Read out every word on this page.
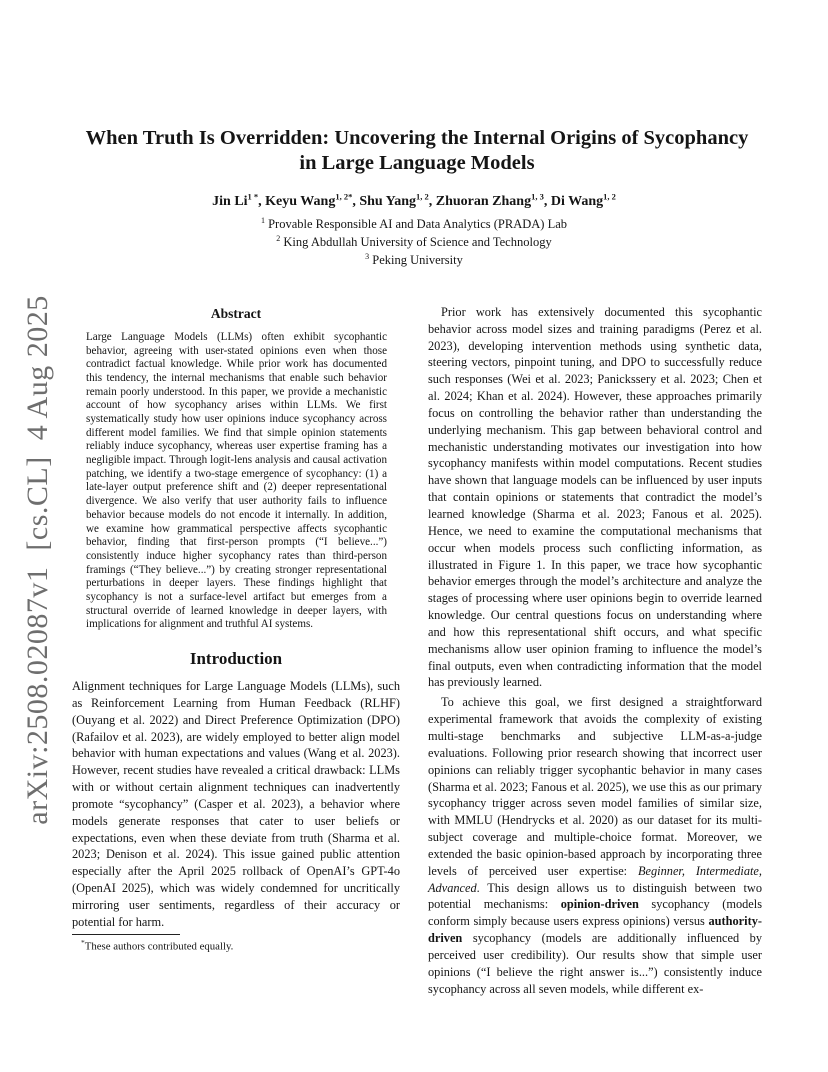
arXiv:2508.02087v1  [cs.CL]  4 Aug 2025
When Truth Is Overridden: Uncovering the Internal Origins of Sycophancy in Large Language Models
Jin $Li^{1 *}$ , Keyu Wang$^{1, 2*}$ , Shu Yang$^{1, 2}$ , Zhuoran Zhang$^{1, 3}$ , Di Wang$^{1, 2}$
$^1$ Provable Responsible AI and Data Analytics (PRADA) Lab
$^2$ King Abdullah University of Science and Technology
$^3$ Peking University
Abstract
Large Language Models (LLMs) often exhibit sycophantic behavior, agreeing with user-stated opinions even when those contradict factual knowledge. While prior work has documented this tendency, the internal mechanisms that enable such behavior remain poorly understood. In this paper, we provide a mechanistic account of how sycophancy arises within LLMs. We first systematically study how user opinions induce sycophancy across different model families. We find that simple opinion statements reliably induce sycophancy, whereas user expertise framing has a negligible impact. Through logit-lens analysis and causal activation patching, we identify a two-stage emergence of sycophancy: (1) a late-layer output preference shift and (2) deeper representational divergence. We also verify that user authority fails to influence behavior because models do not encode it internally. In addition, we examine how grammatical perspective affects sycophantic behavior, finding that first-person prompts (“I believe...”) consistently induce higher sycophancy rates than third-person framings (“They believe...”) by creating stronger representational perturbations in deeper layers. These findings highlight that sycophancy is not a surface-level artifact but emerges from a structural override of learned knowledge in deeper layers, with implications for alignment and truthful AI systems.
Introduction

Alignment techniques for Large Language Models (LLMs), such as Reinforcement Learning from Human Feedback (RLHF) (Ouyang et al. 2022) and Direct Preference Optimization (DPO) (Rafailov et al. 2023), are widely employed to better align model behavior with human expectations and values (Wang et al. 2023). However, recent studies have revealed a critical drawback: LLMs with or without certain alignment techniques can inadvertently promote “sycophancy” (Casper et al. 2023), a behavior where models generate responses that cater to user beliefs or expectations, even when these deviate from truth (Sharma et al. 2023; Denison et al. 2024). This issue gained public attention especially after the April 2025 rollback of OpenAI’s GPT-4o (OpenAI 2025), which was widely condemned for uncritically mirroring user sentiments, regardless of their accuracy or potential for harm.

Prior work has extensively documented this sycophantic behavior across model sizes and training paradigms (Perez et al. 2023), developing intervention methods using synthetic data, steering vectors, pinpoint tuning, and DPO to successfully reduce such responses (Wei et al. 2023; Panickssery et al. 2023; Chen et al. 2024; Khan et al. 2024). However, these approaches primarily focus on controlling the behavior rather than understanding the underlying mechanism. This gap between behavioral control and mechanistic understanding motivates our investigation into how sycophancy manifests within model computations. Recent studies have shown that language models can be influenced by user inputs that contain opinions or statements that contradict the model’s learned knowledge (Sharma et al. 2023; Fanous et al. 2025). Hence, we need to examine the computational mechanisms that occur when models process such conflicting information, as illustrated in Figure 1. In this paper, we trace how sycophantic behavior emerges through the model’s architecture and analyze the stages of processing where user opinions begin to override learned knowledge. Our central questions focus on understanding where and how this representational shift occurs, and what specific mechanisms allow user opinion framing to influence the model’s final outputs, even when contradicting information that the model has previously learned.

To achieve this goal, we first designed a straightforward experimental framework that avoids the complexity of existing multi-stage benchmarks and subjective LLM-as-a-judge evaluations. Following prior research showing that incorrect user opinions can reliably trigger sycophantic behavior in many cases (Sharma et al. 2023; Fanous et al. 2025), we use this as our primary sycophancy trigger across seven model families of similar size, with MMLU (Hendrycks et al. 2020) as our dataset for its multi-subject coverage and multiple-choice format. Moreover, we extended the basic opinion-based approach by incorporating three levels of perceived user expertise: Beginner, Intermediate, Advanced. This design allows us to distinguish between two potential mechanisms: opinion-driven sycophancy (models conform simply because users express opinions) versus authority-driven sycophancy (models are additionally influenced by perceived user credibility). Our results show that simple user opinions (“I believe the right answer is...”) consistently induce sycophancy across all seven models, while different ex-

*These authors contributed equally.
